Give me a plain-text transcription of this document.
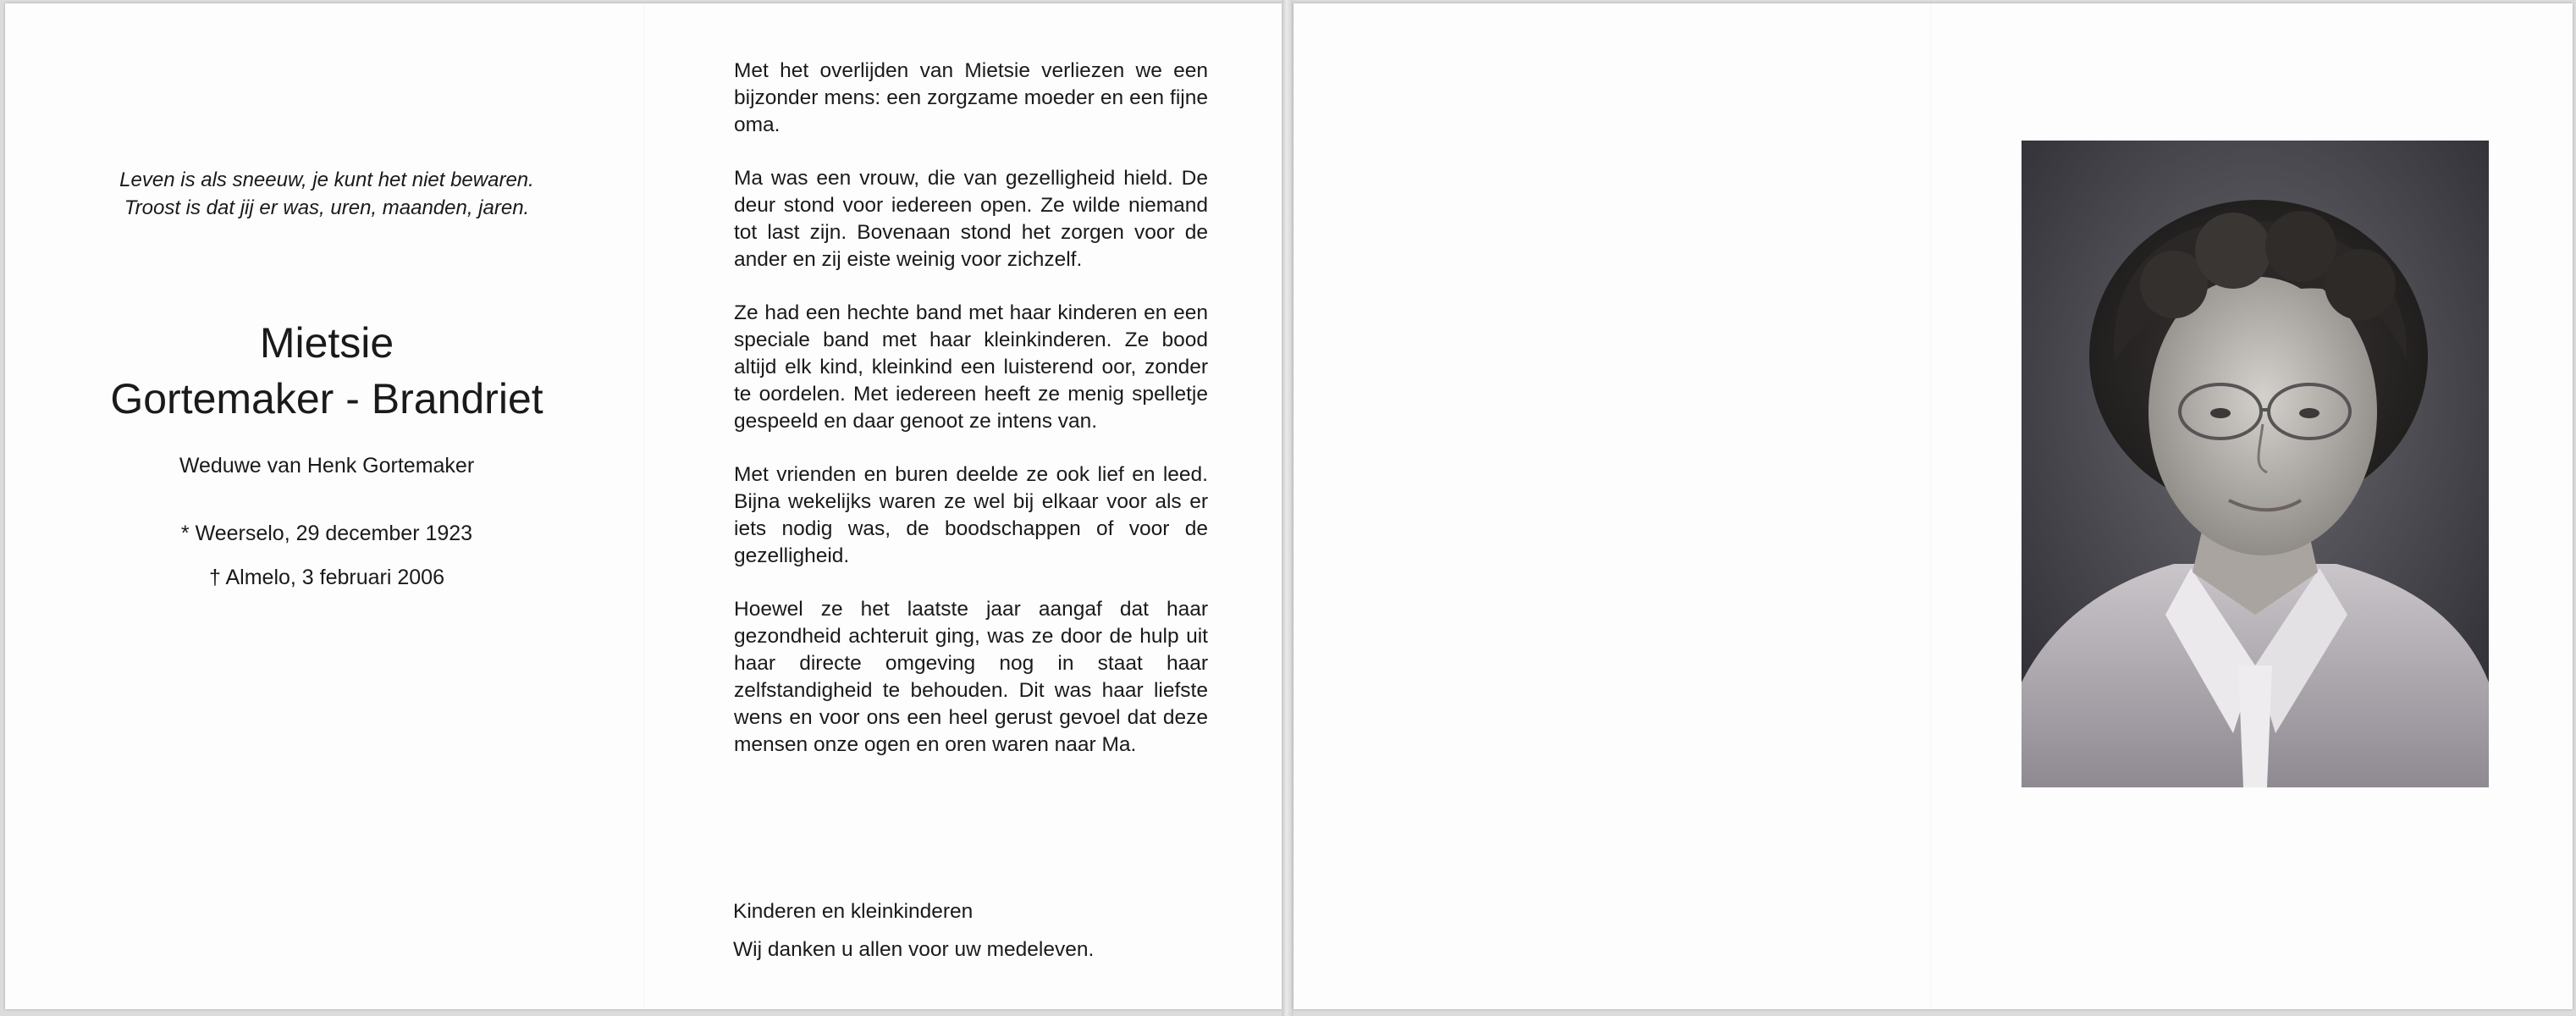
Leven is als sneeuw, je kunt het niet bewaren.
Troost is dat jij er was, uren, maanden, jaren.
Mietsie
Gortemaker - Brandriet
Weduwe van Henk Gortemaker
* Weerselo, 29 december 1923
† Almelo, 3 februari 2006

Met het overlijden van Mietsie verliezen we een bijzonder mens: een zorgzame moeder en een fijne oma.

Ma was een vrouw, die van gezelligheid hield. De deur stond voor iedereen open. Ze wilde niemand tot last zijn. Bovenaan stond het zorgen voor de ander en zij eiste weinig voor zichzelf.

Ze had een hechte band met haar kinderen en een speciale band met haar kleinkinderen. Ze bood altijd elk kind, kleinkind een luisterend oor, zonder te oordelen. Met iedereen heeft ze menig spelletje gespeeld en daar genoot ze intens van.

Met vrienden en buren deelde ze ook lief en leed. Bijna wekelijks waren ze wel bij elkaar voor als er iets nodig was, de boodschappen of voor de gezelligheid.

Hoewel ze het laatste jaar aangaf dat haar gezondheid achteruit ging, was ze door de hulp uit haar directe omgeving nog in staat haar zelfstandigheid te behouden. Dit was haar liefste wens en voor ons een heel gerust gevoel dat deze mensen onze ogen en oren waren naar Ma.

Kinderen en kleinkinderen
Wij danken u allen voor uw medeleven.
